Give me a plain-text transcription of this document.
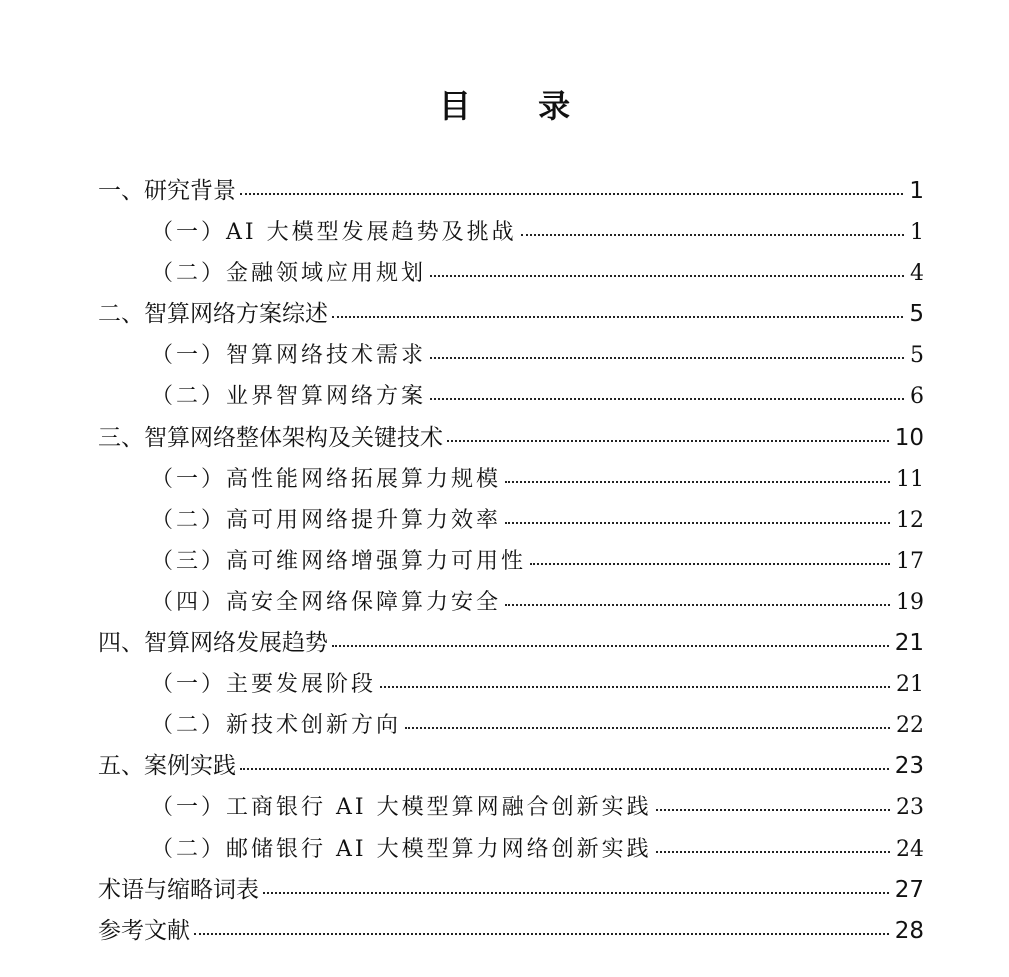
目 录
一、研究背景	1
（一）AI 大模型发展趋势及挑战	1
（二）金融领域应用规划	4
二、智算网络方案综述	5
（一）智算网络技术需求	5
（二）业界智算网络方案	6
三、智算网络整体架构及关键技术	10
（一）高性能网络拓展算力规模	11
（二）高可用网络提升算力效率	12
（三）高可维网络增强算力可用性	17
（四）高安全网络保障算力安全	19
四、智算网络发展趋势	21
（一）主要发展阶段	21
（二）新技术创新方向	22
五、案例实践	23
（一）工商银行 AI 大模型算网融合创新实践	23
（二）邮储银行 AI 大模型算力网络创新实践	24
术语与缩略词表	27
参考文献	28
